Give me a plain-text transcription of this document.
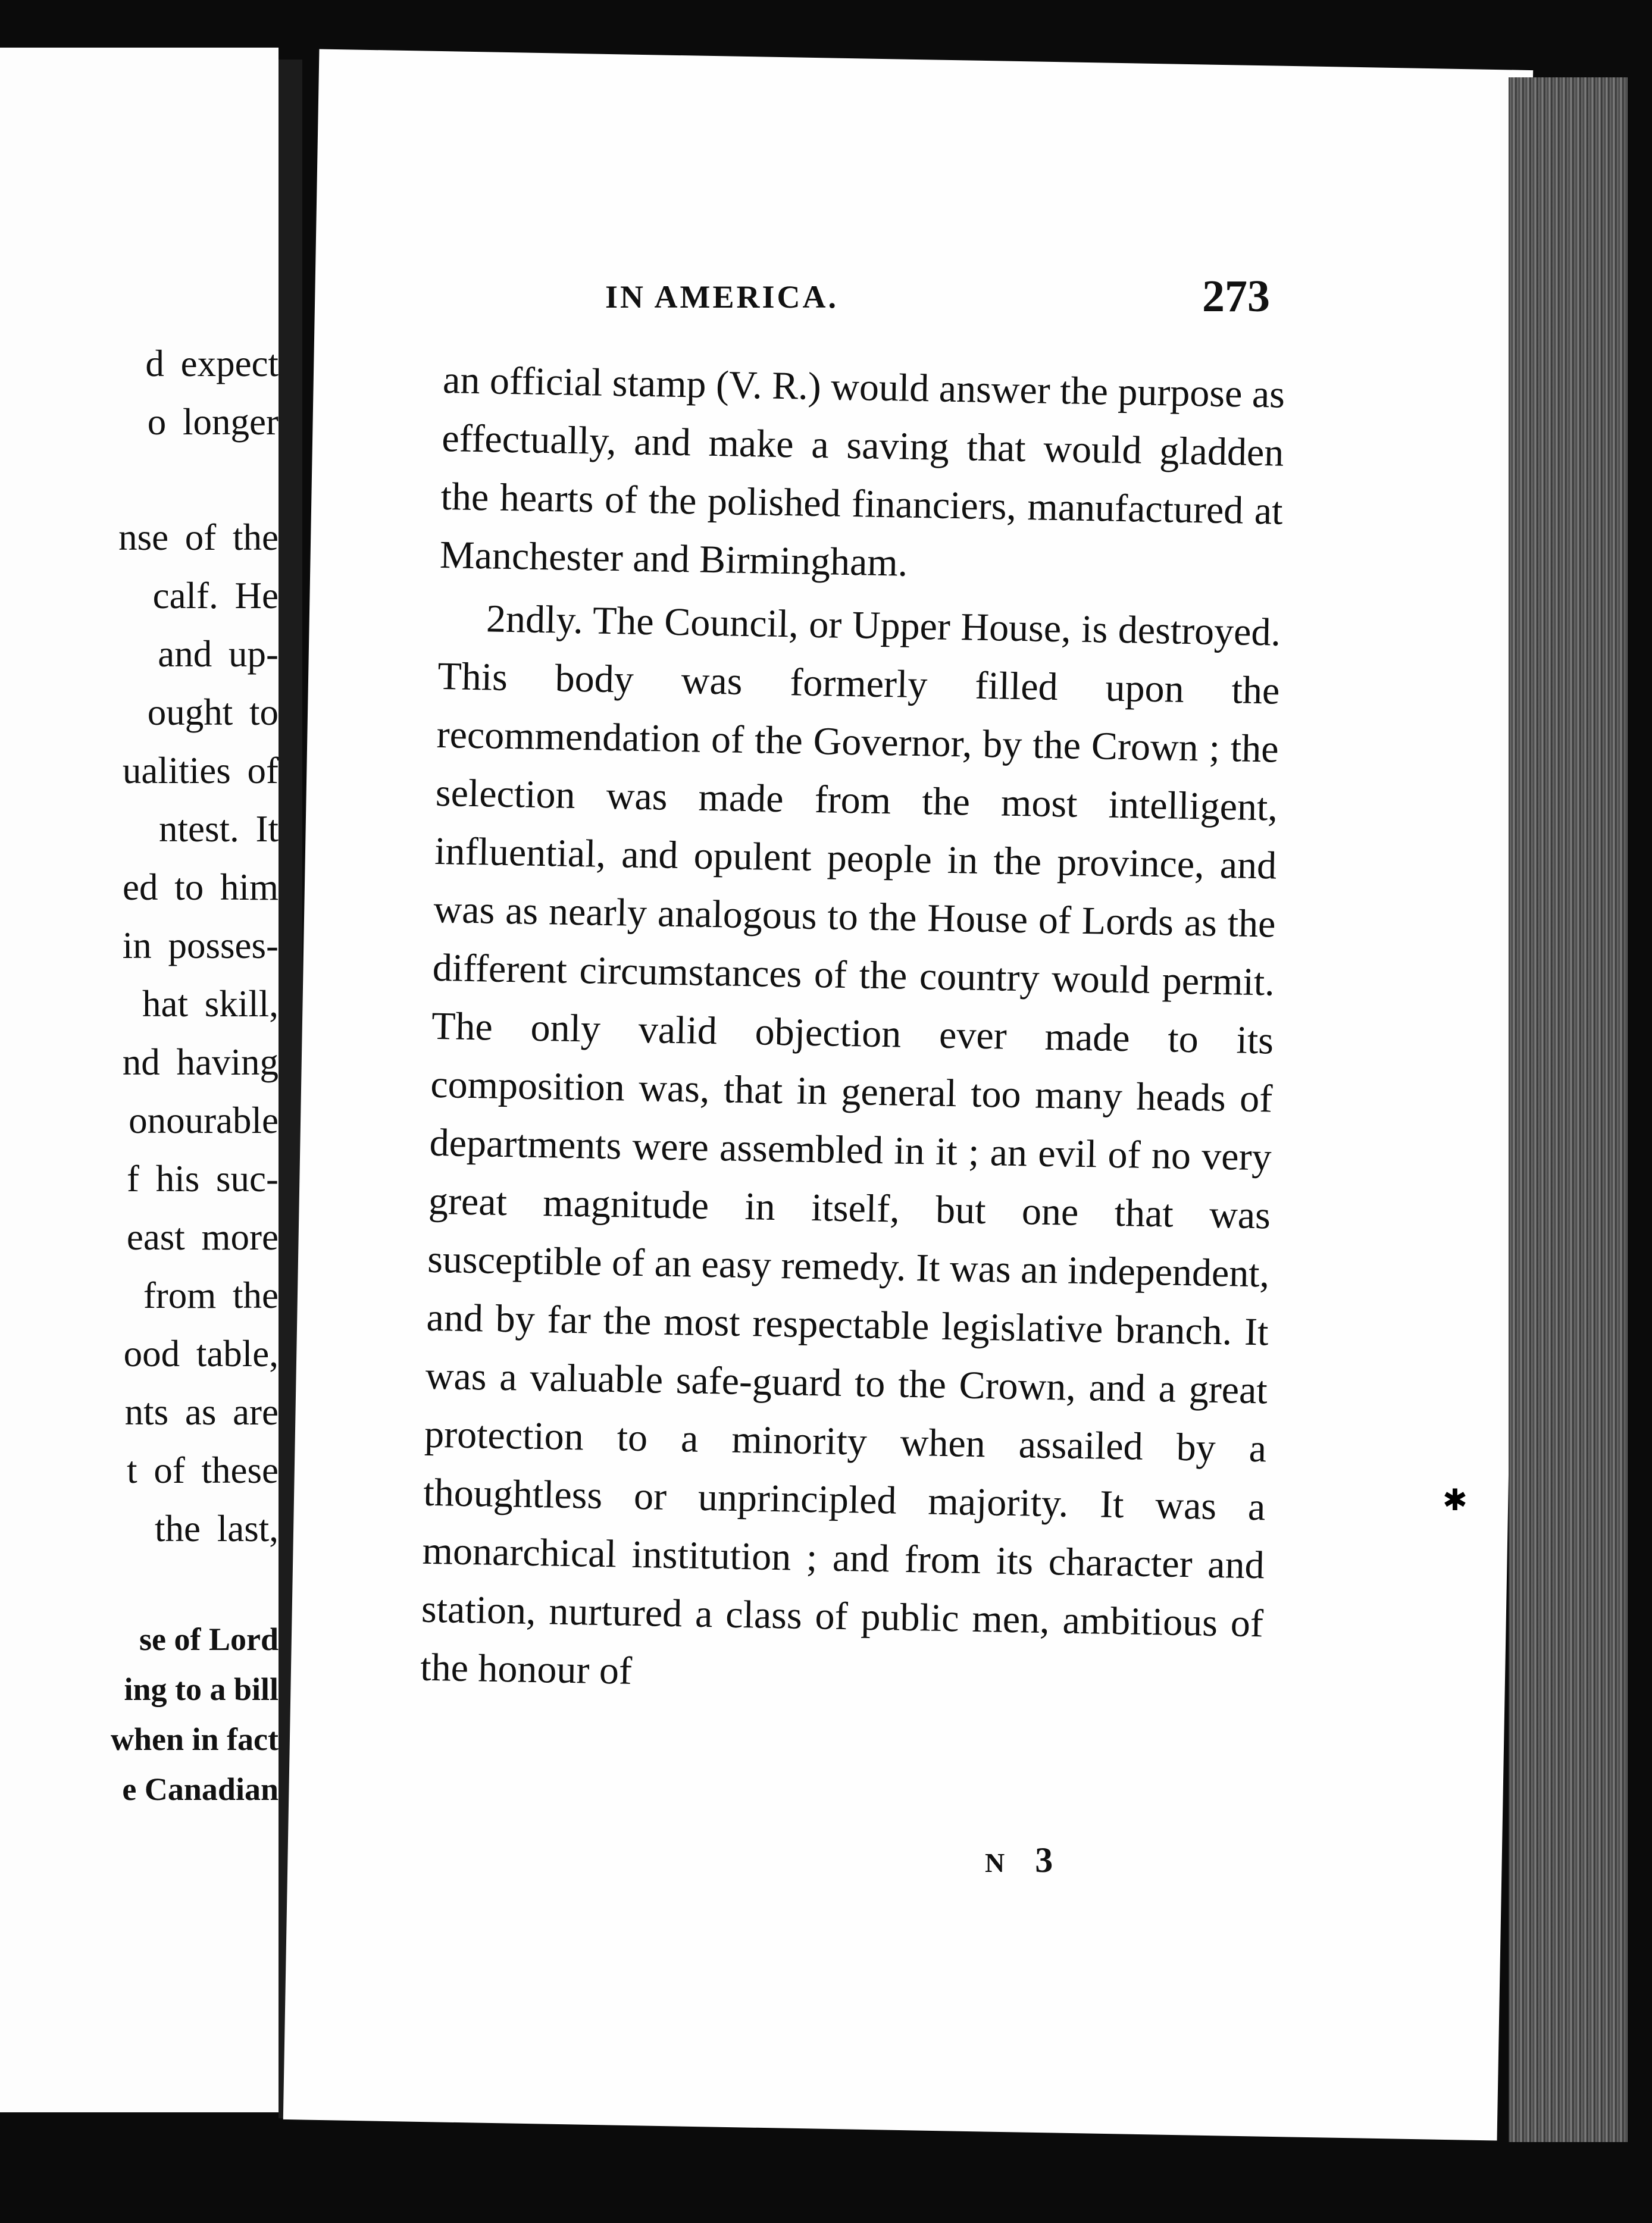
d expect
o longer
nse of the
calf. He
and up-
ought to
ualities of
ntest. It
ed to him
in posses-
hat skill,
nd having
onourable
f his suc-
east more
from the
ood table,
nts as are
t of these
the last,
se of Lord
ing to a bill
when in fact
e Canadian
✱
IN AMERICA.	273

an official stamp (V. R.) would answer the purpose as effectually, and make a saving that would gladden the hearts of the polished financiers, manufactured at Manchester and Birmingham.

2ndly. The Council, or Upper House, is destroyed. This body was formerly filled upon the recommendation of the Governor, by the Crown ; the selection was made from the most intelligent, influential, and opulent people in the province, and was as nearly analogous to the House of Lords as the different circumstances of the country would permit. The only valid objection ever made to its composition was, that in general too many heads of departments were assembled in it ; an evil of no very great magnitude in itself, but one that was susceptible of an easy remedy. It was an independent, and by far the most respectable legislative branch. It was a valuable safe-guard to the Crown, and a great protection to a minority when assailed by a thoughtless or unprincipled majority. It was a monarchical institution ; and from its character and station, nurtured a class of public men, ambitious of the honour of

N 3
